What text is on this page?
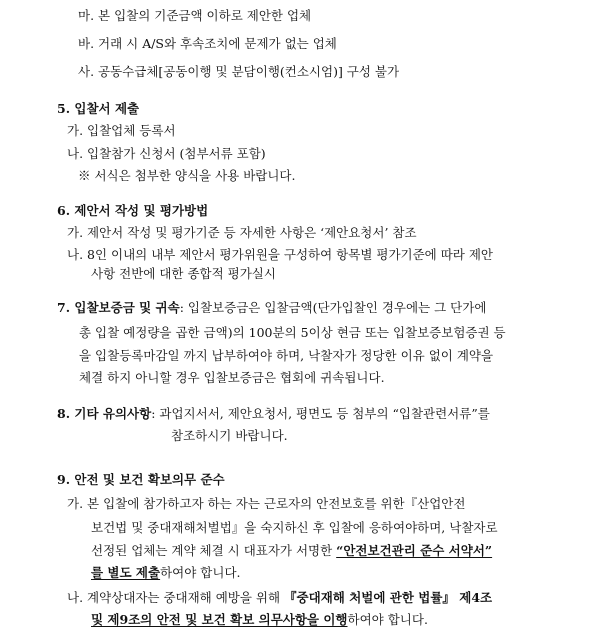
마. 본 입찰의 기준금액 이하로 제안한 업체
바. 거래 시 A/S와 후속조치에 문제가 없는 업체
사. 공동수급체[공동이행 및 분담이행(컨소시엄)] 구성 불가
5. 입찰서 제출
가. 입찰업체 등록서
나. 입찰참가 신청서 (첨부서류 포함)
※ 서식은 첨부한 양식을 사용 바랍니다.
6. 제안서 작성 및 평가방법
가. 제안서 작성 및 평가기준 등 자세한 사항은 ‘제안요청서’ 참조
나. 8인 이내의 내부 제안서 평가위원을 구성하여 항목별 평가기준에 따라 제안
사항 전반에 대한 종합적 평가실시
7. 입찰보증금 및 귀속: 입찰보증금은 입찰금액(단가입찰인 경우에는 그 단가에
총 입찰 예정량을 곱한 금액)의 100분의 5이상 현금 또는 입찰보증보험증권 등
을 입찰등록마감일 까지 납부하여야 하며, 낙찰자가 정당한 이유 없이 계약을
체결 하지 아니할 경우 입찰보증금은 협회에 귀속됩니다.
8. 기타 유의사항: 과업지서서, 제안요청서, 평면도 등 첨부의 “입찰관련서류”를
참조하시기 바랍니다.
9. 안전 및 보건 확보의무 준수
가. 본 입찰에 참가하고자 하는 자는 근로자의 안전보호를 위한『산업안전
보건법 및 중대재해처벌법』을 숙지하신 후 입찰에 응하여야하며, 낙찰자로
선정된 업체는 계약 체결 시 대표자가 서명한 “안전보건관리 준수 서약서”
를 별도 제출하여야 합니다.
나. 계약상대자는 중대재해 예방을 위해 『중대재해 처벌에 관한 법률』 제4조
및 제9조의 안전 및 보건 확보 의무사항을 이행하여야 합니다.
